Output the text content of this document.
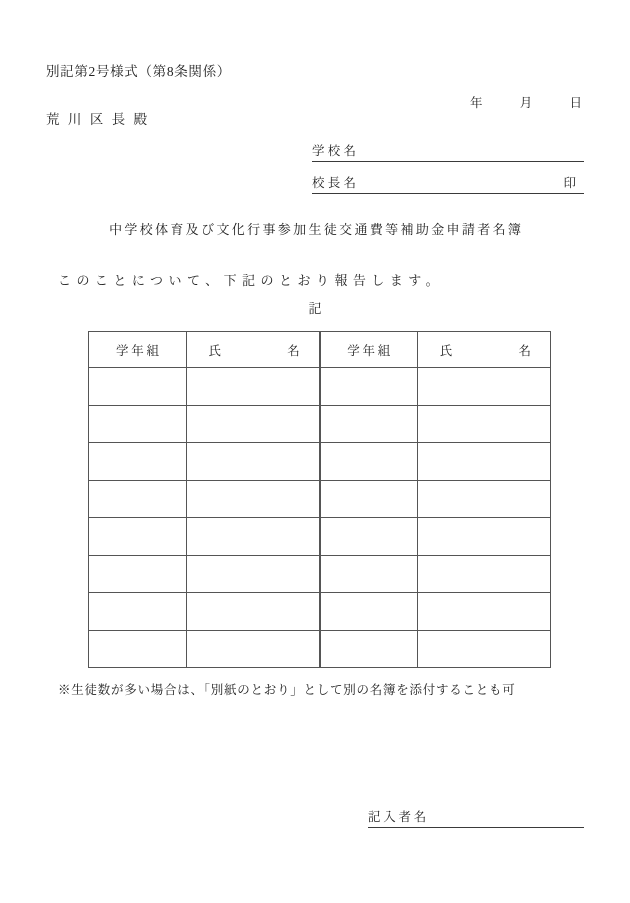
別記第2号様式（第8条関係）
年	月	日
荒川区長殿
学校名
校長名	印
中学校体育及び文化行事参加生徒交通費等補助金申請者名簿
このことについて、下記のとおり報告します。
記
学年組	氏　　名	学年組	氏　　名

※生徒数が多い場合は、「別紙のとおり」として別の名簿を添付することも可
記入者名
